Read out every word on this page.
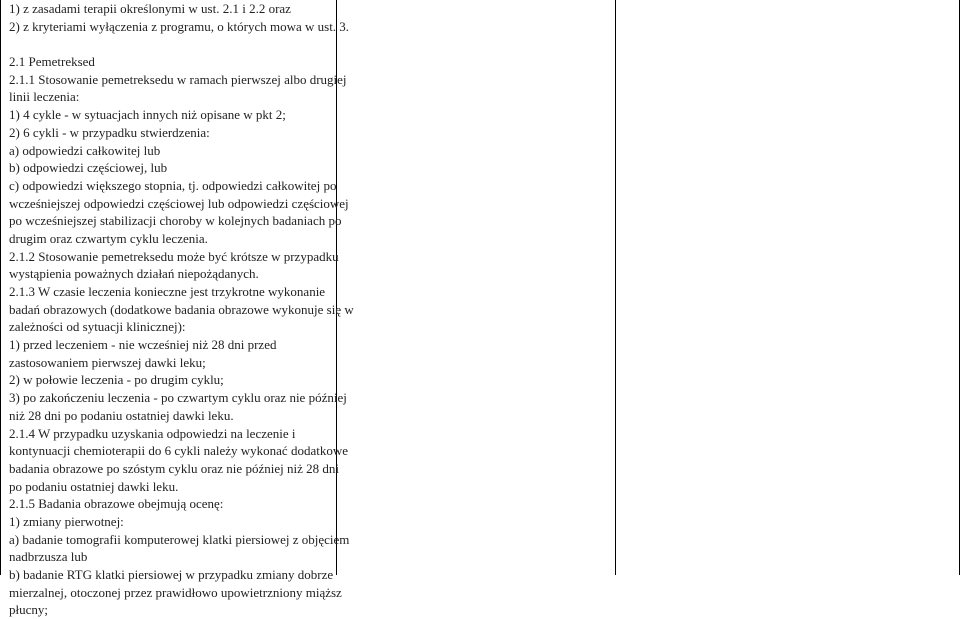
1) z zasadami terapii określonymi w ust. 2.1 i 2.2 oraz
2) z kryteriami wyłączenia z programu, o których mowa w ust. 3.
2.1 Pemetreksed
2.1.1 Stosowanie pemetreksedu w ramach pierwszej albo drugiej
linii leczenia:
1) 4 cykle - w sytuacjach innych niż opisane w pkt 2;
2) 6 cykli - w przypadku stwierdzenia:
a) odpowiedzi całkowitej lub
b) odpowiedzi częściowej, lub
c) odpowiedzi większego stopnia, tj. odpowiedzi całkowitej po
wcześniejszej odpowiedzi częściowej lub odpowiedzi częściowej
po wcześniejszej stabilizacji choroby w kolejnych badaniach po
drugim oraz czwartym cyklu leczenia.
2.1.2 Stosowanie pemetreksedu może być krótsze w przypadku
wystąpienia poważnych działań niepożądanych.
2.1.3 W czasie leczenia konieczne jest trzykrotne wykonanie
badań obrazowych (dodatkowe badania obrazowe wykonuje się w
zależności od sytuacji klinicznej):
1) przed leczeniem - nie wcześniej niż 28 dni przed
zastosowaniem pierwszej dawki leku;
2) w połowie leczenia - po drugim cyklu;
3) po zakończeniu leczenia - po czwartym cyklu oraz nie później
niż 28 dni po podaniu ostatniej dawki leku.
2.1.4 W przypadku uzyskania odpowiedzi na leczenie i
kontynuacji chemioterapii do 6 cykli należy wykonać dodatkowe
badania obrazowe po szóstym cyklu oraz nie później niż 28 dni
po podaniu ostatniej dawki leku.
2.1.5 Badania obrazowe obejmują ocenę:
1) zmiany pierwotnej:
a) badanie tomografii komputerowej klatki piersiowej z objęciem
nadbrzusza lub
b) badanie RTG klatki piersiowej w przypadku zmiany dobrze
mierzalnej, otoczonej przez prawidłowo upowietrzniony miąższ
płucny;
